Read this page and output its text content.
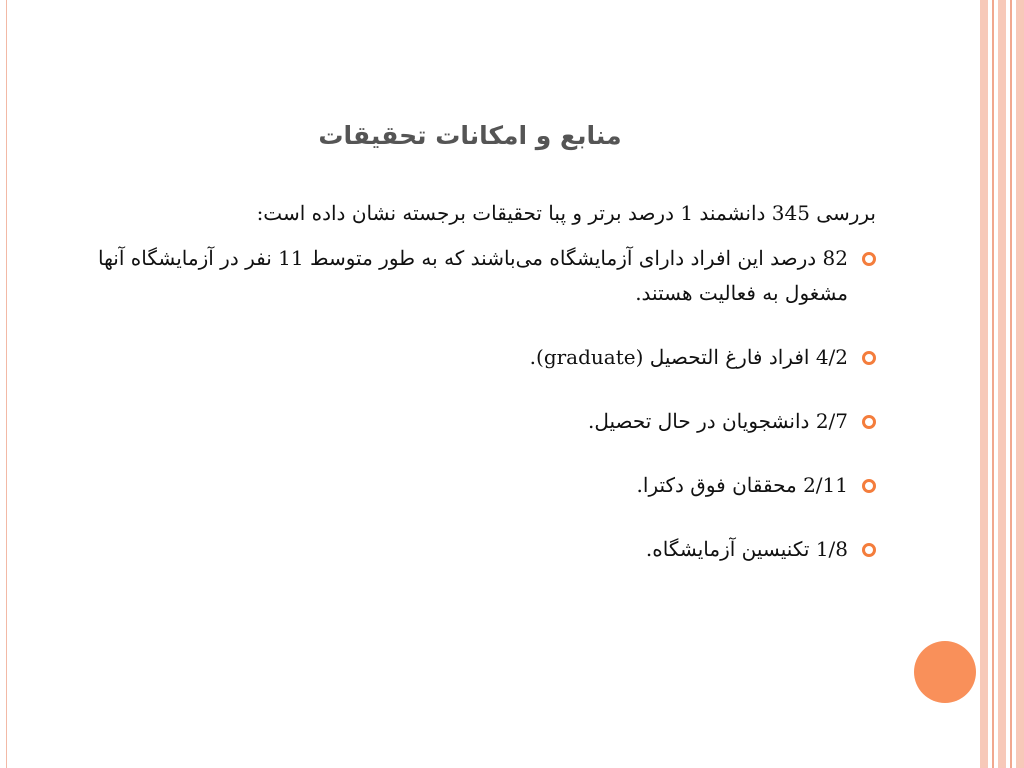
منابع و امکانات تحقیقات

بررسی 345 دانشمند 1 درصد برتر و پبا تحقیقات برجسته نشان داده است:

82 درصد این افراد دارای آزمایشگاه می‌باشند که به طور متوسط 11 نفر در آزمایشگاه آنها مشغول به فعالیت هستند.
4/2 افراد فارغ التحصیل (graduate).
2/7 دانشجویان در حال تحصیل.
2/11 محققان فوق دکترا.
1/8 تکنیسین آزمایشگاه.
